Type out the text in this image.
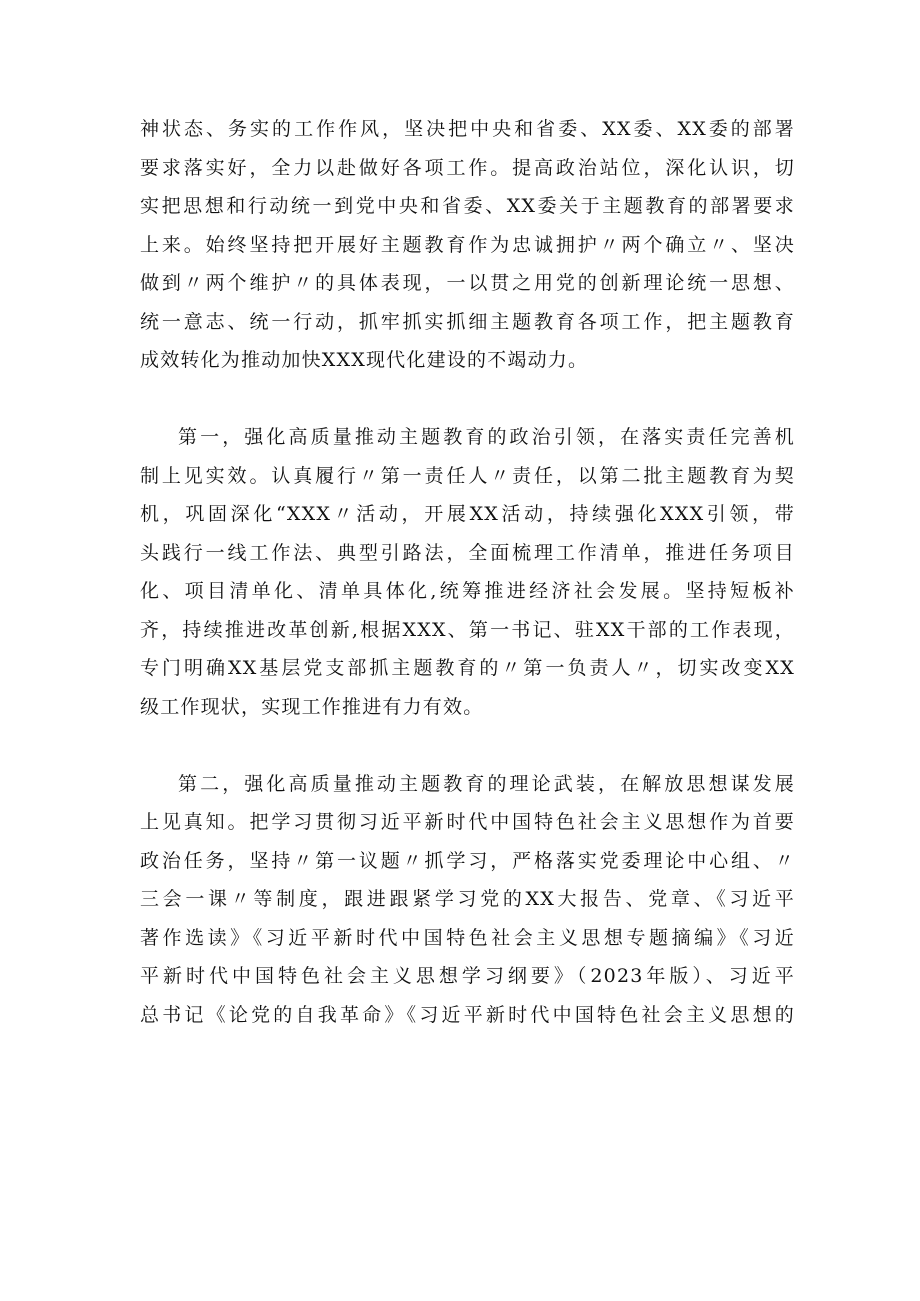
神状态、务实的工作作风，坚决把中央和省委、XX委、XX委的部署
要求落实好，全力以赴做好各项工作。提高政治站位，深化认识，切
实把思想和行动统一到党中央和省委、XX委关于主题教育的部署要求
上来。始终坚持把开展好主题教育作为忠诚拥护〃两个确立〃、坚决
做到〃两个维护〃的具体表现，一以贯之用党的创新理论统一思想、
统一意志、统一行动，抓牢抓实抓细主题教育各项工作，把主题教育
成效转化为推动加快XXX现代化建设的不竭动力。
第一，强化高质量推动主题教育的政治引领，在落实责任完善机
制上见实效。认真履行〃第一责任人〃责任，以第二批主题教育为契
机，巩固深化“XXX〃活动，开展XX活动，持续强化XXX引领，带
头践行一线工作法、典型引路法，全面梳理工作清单，推进任务项目
化、项目清单化、清单具体化,统筹推进经济社会发展。坚持短板补
齐，持续推进改革创新,根据XXX、第一书记、驻XX干部的工作表现，
专门明确XX基层党支部抓主题教育的〃第一负责人〃，切实改变XX
级工作现状，实现工作推进有力有效。
第二，强化高质量推动主题教育的理论武装，在解放思想谋发展
上见真知。把学习贯彻习近平新时代中国特色社会主义思想作为首要
政治任务，坚持〃第一议题〃抓学习，严格落实党委理论中心组、〃
三会一课〃等制度，跟进跟紧学习党的XX大报告、党章、《习近平
著作选读》《习近平新时代中国特色社会主义思想专题摘编》《习近
平新时代中国特色社会主义思想学习纲要》（2023年版）、习近平
总书记《论党的自我革命》《习近平新时代中国特色社会主义思想的
